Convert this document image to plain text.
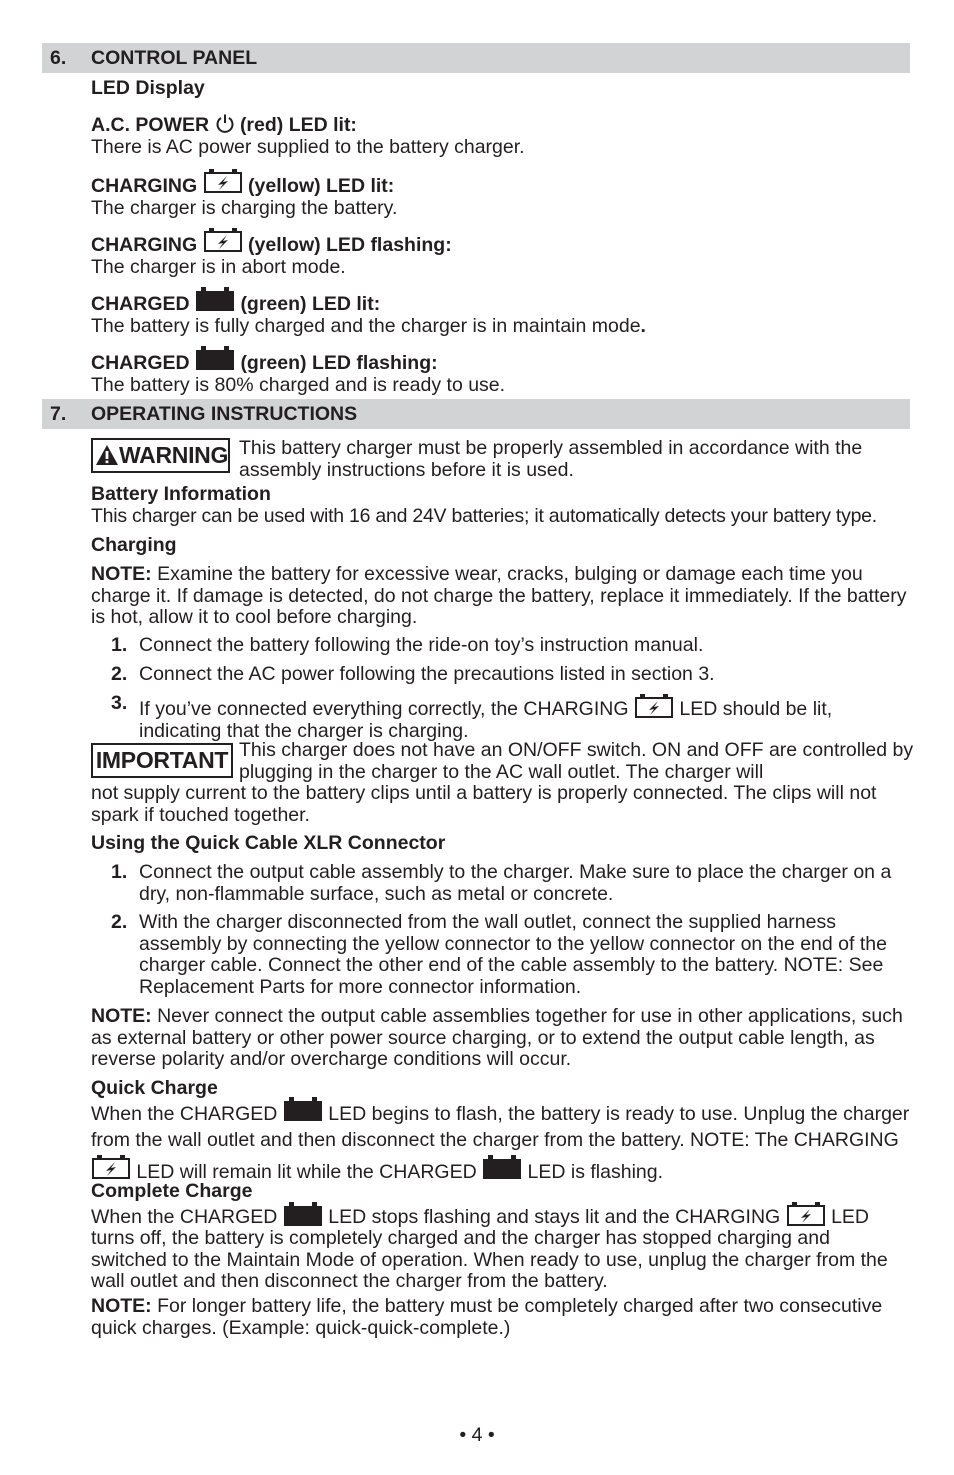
6. CONTROL PANEL
LED Display
A.C. POWER (red) LED lit:
There is AC power supplied to the battery charger.
CHARGING	(yellow) LED lit:
The charger is charging the battery.
CHARGING	(yellow) LED flashing:
The charger is in abort mode.
CHARGED	(green) LED lit:
The battery is fully charged and the charger is in maintain mode.
CHARGED	(green) LED flashing:
The battery is 80% charged and is ready to use.
7. OPERATING INSTRUCTIONS
WARNING This battery charger must be properly assembled in accordance with the assembly instructions before it is used.
Battery Information
This charger can be used with 16 and 24V batteries; it automatically detects your battery type.
Charging
NOTE: Examine the battery for excessive wear, cracks, bulging or damage each time you charge it. If damage is detected, do not charge the battery, replace it immediately. If the battery is hot, allow it to cool before charging.
1. Connect the battery following the ride-on toy’s instruction manual.
2. Connect the AC power following the precautions listed in section 3.
3. If you’ve connected everything correctly, the CHARGING	LED should be lit, indicating that the charger is charging.
IMPORTANT This charger does not have an ON/OFF switch. ON and OFF are controlled by plugging in the charger to the AC wall outlet. The charger will
not supply current to the battery clips until a battery is properly connected. The clips will not spark if touched together.
Using the Quick Cable XLR Connector
1. Connect the output cable assembly to the charger. Make sure to place the charger on a dry, non-flammable surface, such as metal or concrete.
2. With the charger disconnected from the wall outlet, connect the supplied harness assembly by connecting the yellow connector to the yellow connector on the end of the charger cable. Connect the other end of the cable assembly to the battery. NOTE: See Replacement Parts for more connector information.
NOTE: Never connect the output cable assemblies together for use in other applications, such as external battery or other power source charging, or to extend the output cable length, as reverse polarity and/or overcharge conditions will occur.
Quick Charge
When the CHARGED	LED begins to flash, the battery is ready to use. Unplug the charger from the wall outlet and then disconnect the charger from the battery. NOTE: The CHARGING  LED will remain lit while the CHARGED	LED is flashing.
Complete Charge
When the CHARGED	LED stops flashing and stays lit and the CHARGING	LED turns off, the battery is completely charged and the charger has stopped charging and switched to the Maintain Mode of operation. When ready to use, unplug the charger from the wall outlet and then disconnect the charger from the battery.
NOTE: For longer battery life, the battery must be completely charged after two consecutive quick charges. (Example: quick-quick-complete.)
• 4 •
